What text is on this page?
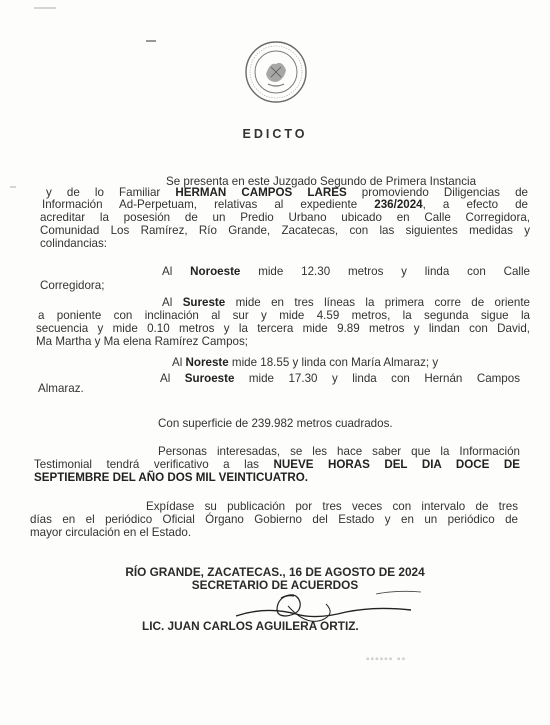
EDICTO
Se presenta en este Juzgado Segundo de Primera Instancia
y de lo Familiar HERMAN CAMPOS LARES promoviendo Diligencias de
Información Ad-Perpetuam, relativas al expediente 236/2024, a efecto de
acreditar la posesión de un Predio Urbano ubicado en Calle Corregidora,
Comunidad Los Ramírez, Río Grande, Zacatecas, con las siguientes medidas y
colindancias:
Al Noroeste mide 12.30 metros y linda con Calle
Corregidora;
Al Sureste mide en tres líneas la primera corre de oriente
a poniente con inclinación al sur y mide 4.59 metros, la segunda sigue la
secuencia y mide 0.10 metros y la tercera mide 9.89 metros y lindan con David,
Ma Martha y Ma elena Ramírez Campos;
Al Noreste mide 18.55 y linda con María Almaraz; y
Al Suroeste mide 17.30 y linda con Hernán Campos
Almaraz.
Con superficie de 239.982 metros cuadrados.
Personas interesadas, se les hace saber que la Información
Testimonial tendrá verificativo a las NUEVE HORAS DEL DIA DOCE DE
SEPTIEMBRE DEL AÑO DOS MIL VEINTICUATRO.
Expídase su publicación por tres veces con intervalo de tres
días en el periódico Oficial Órgano Gobierno del Estado y en un periódico de
mayor circulación en el Estado.
RÍO GRANDE, ZACATECAS., 16 DE AGOSTO DE 2024
SECRETARIO DE ACUERDOS
LIC. JUAN CARLOS AGUILERA ORTIZ.
▪▪▪▪▪▪ ▪▪
